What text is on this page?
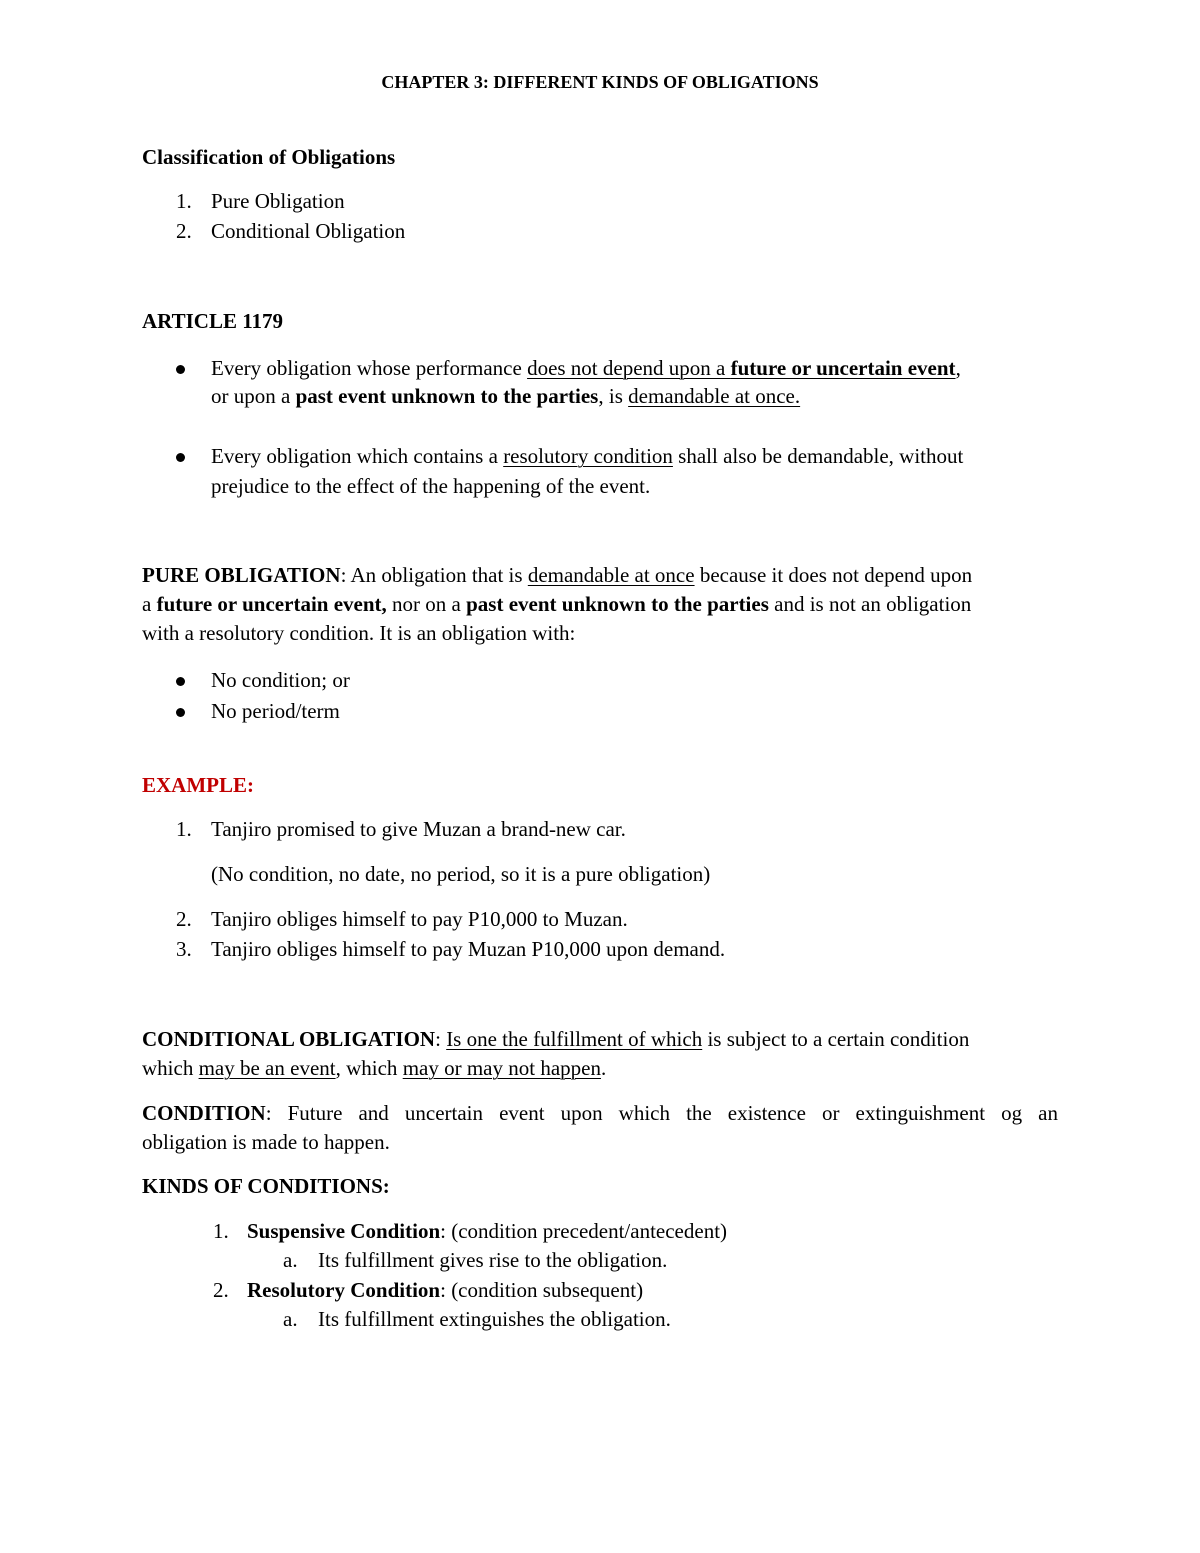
CHAPTER 3: DIFFERENT KINDS OF OBLIGATIONS
Classification of Obligations
1. Pure Obligation
2. Conditional Obligation
ARTICLE 1179
Every obligation whose performance does not depend upon a future or uncertain event,
or upon a past event unknown to the parties, is demandable at once.
Every obligation which contains a resolutory condition shall also be demandable, without
prejudice to the effect of the happening of the event.
PURE OBLIGATION: An obligation that is demandable at once because it does not depend upon
a future or uncertain event, nor on a past event unknown to the parties and is not an obligation
with a resolutory condition. It is an obligation with:
No condition; or
No period/term
EXAMPLE:
1. Tanjiro promised to give Muzan a brand-new car.
(No condition, no date, no period, so it is a pure obligation)
2. Tanjiro obliges himself to pay P10,000 to Muzan.
3. Tanjiro obliges himself to pay Muzan P10,000 upon demand.
CONDITIONAL OBLIGATION: Is one the fulfillment of which is subject to a certain condition
which may be an event, which may or may not happen.
CONDITION: Future and uncertain event upon which the existence or extinguishment og an
obligation is made to happen.
KINDS OF CONDITIONS:
1. Suspensive Condition: (condition precedent/antecedent)
a. Its fulfillment gives rise to the obligation.
2. Resolutory Condition: (condition subsequent)
a. Its fulfillment extinguishes the obligation.
